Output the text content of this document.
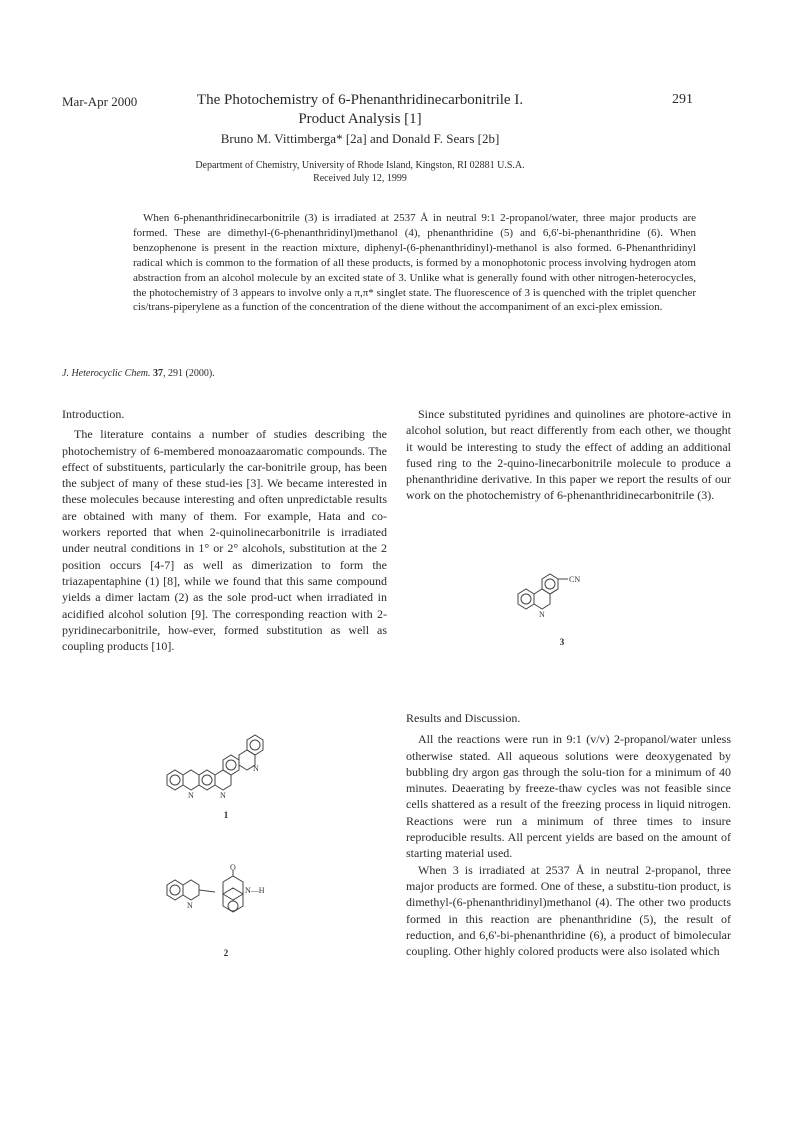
Mar-Apr 2000	291
The Photochemistry of 6-Phenanthridinecarbonitrile I.
Product Analysis [1]
Bruno M. Vittimberga* [2a] and Donald F. Sears [2b]
Department of Chemistry, University of Rhode Island, Kingston, RI 02881 U.S.A.
Received July 12, 1999

When 6-phenanthridinecarbonitrile (3) is irradiated at 2537 Å in neutral 9:1 2-propanol/water, three major products are formed. These are dimethyl-(6-phenanthridinyl)methanol (4), phenanthridine (5) and 6,6'-bi-phenanthridine (6). When benzophenone is present in the reaction mixture, diphenyl-(6-phenanthridinyl)-methanol is also formed. 6-Phenanthridinyl radical which is common to the formation of all these products, is formed by a monophotonic process involving hydrogen atom abstraction from an alcohol molecule by an excited state of 3. Unlike what is generally found with other nitrogen-heterocycles, the photochemistry of 3 appears to involve only a π,π* singlet state. The fluorescence of 3 is quenched with the triplet quencher cis/trans-piperylene as a function of the concentration of the diene without the accompaniment of an exci-plex emission.

J. Heterocyclic Chem. 37, 291 (2000).
Introduction.

The literature contains a number of studies describing the photochemistry of 6-membered monoazaaromatic compounds. The effect of substituents, particularly the car-bonitrile group, has been the subject of many of these stud-ies [3]. We became interested in these molecules because interesting and often unpredictable results are obtained with many of them. For example, Hata and co-workers reported that when 2-quinolinecarbonitrile is irradiated under neutral conditions in 1° or 2° alcohols, substitution at the 2 position occurs [4-7] as well as dimerization to form the triazapentaphine (1) [8], while we found that this same compound yields a dimer lactam (2) as the sole prod-uct when irradiated in acidified alcohol solution [9]. The corresponding reaction with 2-pyridinecarbonitrile, how-ever, formed substitution as well as coupling products [10].

Since substituted pyridines and quinolines are photore-active in alcohol solution, but react differently from each other, we thought it would be interesting to study the effect of adding an additional fused ring to the 2-quino-linecarbonitrile molecule to produce a phenanthridine derivative. In this paper we report the results of our work on the photochemistry of 6-phenanthridinecarbonitrile (3).

Results and Discussion.

All the reactions were run in 9:1 (v/v) 2-propanol/water unless otherwise stated. All aqueous solutions were deoxygenated by bubbling dry argon gas through the solu-tion for a minimum of 40 minutes. Deaerating by freeze-thaw cycles was not feasible since cells shattered as a result of the freezing process in liquid nitrogen. Reactions were run a minimum of three times to insure reproducible results. All percent yields are based on the amount of starting material used.

When 3 is irradiated at 2537 Å in neutral 2-propanol, three major products are formed. One of these, a substitu-tion product, is dimethyl-(6-phenanthridinyl)methanol (4). The other two products formed in this reaction are phenanthridine (5), the result of reduction, and 6,6'-bi-phenanthridine (6), a product of bimolecular coupling. Other highly colored products were also isolated which

N
CN
3
N	N
N
1
N
O
N—H
2
